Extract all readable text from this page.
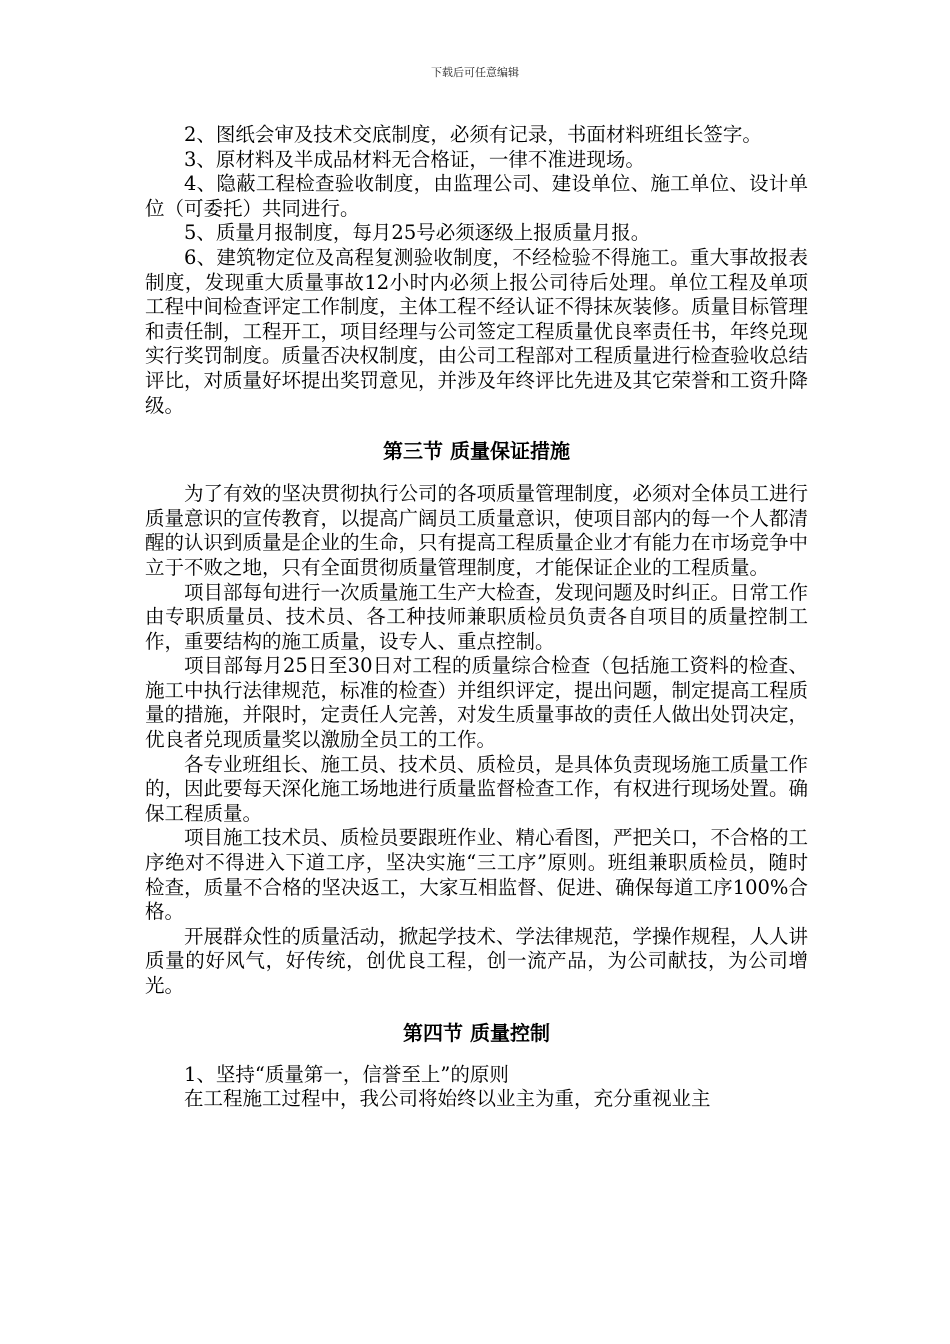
下载后可任意编辑

2、图纸会审及技术交底制度，必须有记录，书面材料班组长签字。

3、原材料及半成品材料无合格证，一律不准进现场。

4、隐蔽工程检查验收制度，由监理公司、建设单位、施工单位、设计单位（可委托）共同进行。

5、质量月报制度，每月25号必须逐级上报质量月报。

6、建筑物定位及高程复测验收制度，不经检验不得施工。重大事故报表制度，发现重大质量事故12小时内必须上报公司待后处理。单位工程及单项工程中间检查评定工作制度，主体工程不经认证不得抹灰装修。质量目标管理和责任制，工程开工，项目经理与公司签定工程质量优良率责任书，年终兑现实行奖罚制度。质量否决权制度，由公司工程部对工程质量进行检查验收总结评比，对质量好坏提出奖罚意见，并涉及年终评比先进及其它荣誉和工资升降级。

第三节 质量保证措施

为了有效的坚决贯彻执行公司的各项质量管理制度，必须对全体员工进行质量意识的宣传教育，以提高广阔员工质量意识，使项目部内的每一个人都清醒的认识到质量是企业的生命，只有提高工程质量企业才有能力在市场竞争中立于不败之地，只有全面贯彻质量管理制度，才能保证企业的工程质量。

项目部每旬进行一次质量施工生产大检查，发现问题及时纠正。日常工作由专职质量员、技术员、各工种技师兼职质检员负责各自项目的质量控制工作，重要结构的施工质量，设专人、重点控制。

项目部每月25日至30日对工程的质量综合检查（包括施工资料的检查、施工中执行法律规范，标准的检查）并组织评定，提出问题，制定提高工程质量的措施，并限时，定责任人完善，对发生质量事故的责任人做出处罚决定，优良者兑现质量奖以激励全员工的工作。

各专业班组长、施工员、技术员、质检员，是具体负责现场施工质量工作的，因此要每天深化施工场地进行质量监督检查工作，有权进行现场处置。确保工程质量。

项目施工技术员、质检员要跟班作业、精心看图，严把关口，不合格的工序绝对不得进入下道工序，坚决实施“三工序”原则。班组兼职质检员，随时检查，质量不合格的坚决返工，大家互相监督、促进、确保每道工序100%合格。

开展群众性的质量活动，掀起学技术、学法律规范，学操作规程，人人讲质量的好风气，好传统，创优良工程，创一流产品，为公司献技，为公司增光。

第四节 质量控制

1、坚持“质量第一，信誉至上”的原则

在工程施工过程中，我公司将始终以业主为重，充分重视业主
